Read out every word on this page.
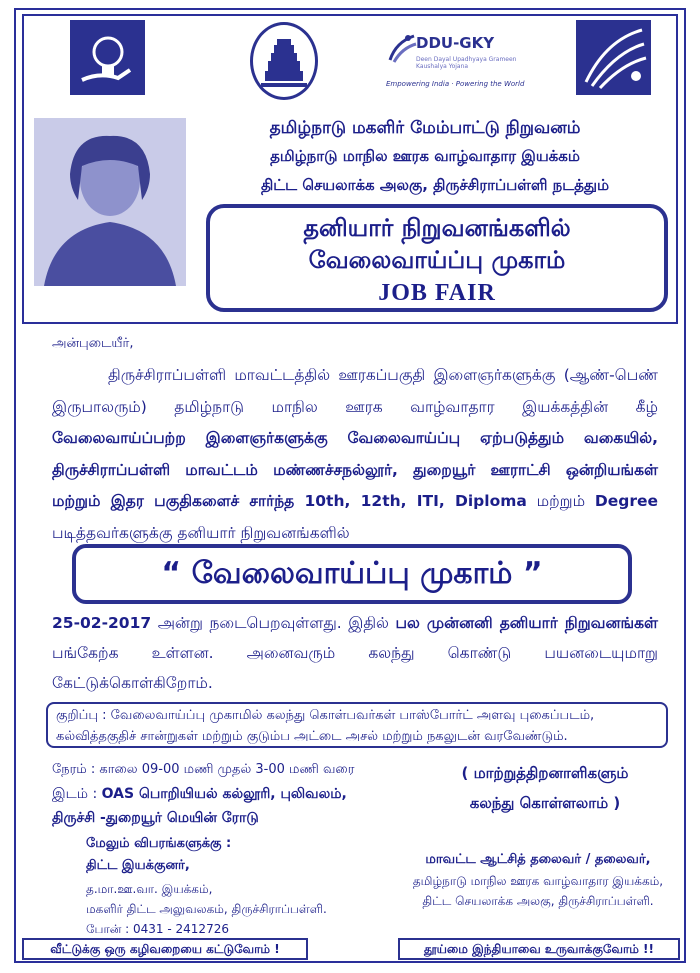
DDU-GKY
Deen Dayal Upadhyaya Grameen Kaushalya Yojana
Empowering India · Powering the World
தமிழ்நாடு மகளிர் மேம்பாட்டு நிறுவனம்
தமிழ்நாடு மாநில ஊரக வாழ்வாதார இயக்கம்
திட்ட செயலாக்க அலகு, திருச்சிராப்பள்ளி நடத்தும்
தனியார் நிறுவனங்களில்
வேலைவாய்ப்பு முகாம்
JOB FAIR
அன்புடையீர்,
திருச்சிராப்பள்ளி மாவட்டத்தில் ஊரகப்பகுதி இளைஞர்களுக்கு (ஆண்-பெண் இருபாலரும்) தமிழ்நாடு மாநில ஊரக வாழ்வாதார இயக்கத்தின் கீழ் வேலைவாய்ப்பற்ற இளைஞர்களுக்கு வேலைவாய்ப்பு ஏற்படுத்தும் வகையில், திருச்சிராப்பள்ளி மாவட்டம் மண்ணச்சநல்லூர், துறையூர் ஊராட்சி ஒன்றியங்கள் மற்றும் இதர பகுதிகளைச் சார்ந்த 10th, 12th, ITI, Diploma மற்றும் Degree படித்தவர்களுக்கு தனியார் நிறுவனங்களில்
“ வேலைவாய்ப்பு முகாம் ”
25-02-2017 அன்று நடைபெறவுள்ளது. இதில் பல முன்னனி தனியார் நிறுவனங்கள் பங்கேற்க உள்ளன. அனைவரும் கலந்து கொண்டு பயனடையுமாறு கேட்டுக்கொள்கிறோம்.
குறிப்பு : வேலைவாய்ப்பு முகாமில் கலந்து கொள்பவர்கள் பாஸ்போர்ட் அளவு புகைப்படம், கல்வித்தகுதிச் சான்றுகள் மற்றும் குடும்ப அட்டை அசல் மற்றும் நகலுடன் வரவேண்டும்.
நேரம் : காலை 09-00 மணி முதல் 3-00 மணி வரை
இடம் : OAS பொறியியல் கல்லூரி, புலிவலம்,
திருச்சி -துறையூர் மெயின் ரோடு
( மாற்றுத்திறனாளிகளும்
கலந்து கொள்ளலாம் )
மேலும் விபரங்களுக்கு :
திட்ட இயக்குனர்,
த.மா.ஊ.வா. இயக்கம்,
மகளிர் திட்ட அலுவலகம், திருச்சிராப்பள்ளி.
போன் : 0431 - 2412726
மாவட்ட ஆட்சித் தலைவர் / தலைவர்,
தமிழ்நாடு மாநில ஊரக வாழ்வாதார இயக்கம்,
திட்ட செயலாக்க அலகு, திருச்சிராப்பள்ளி.
வீட்டுக்கு ஒரு கழிவறையை கட்டுவோம் !	தூய்மை இந்தியாவை உருவாக்குவோம் !!
